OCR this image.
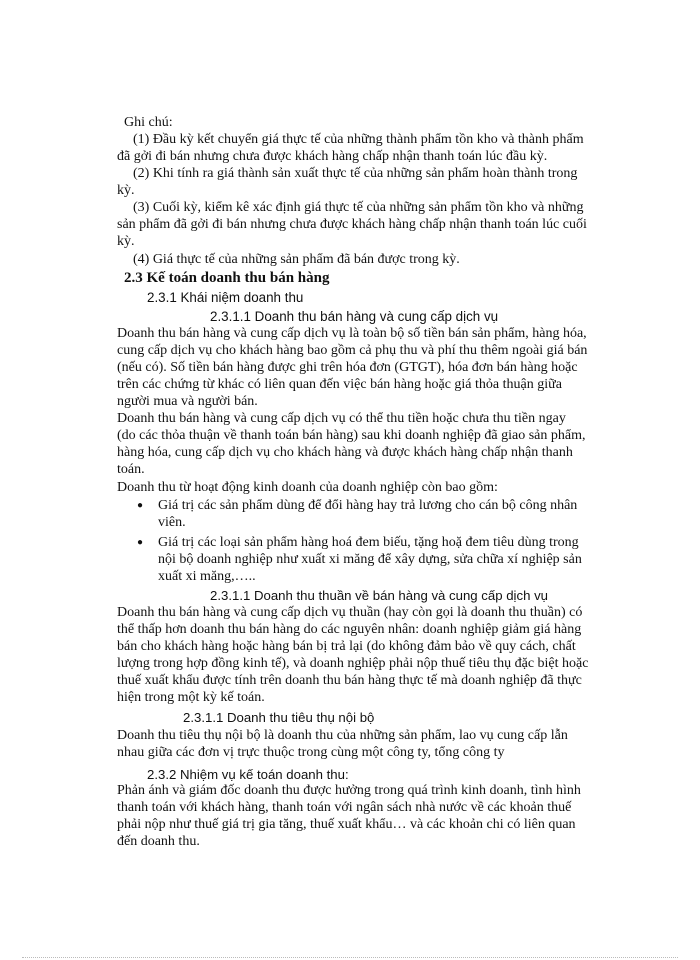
Ghi chú:
(1) Đầu kỳ kết chuyển giá thực tế của những thành phẩm tồn kho và thành phẩm
đã gởi đi bán nhưng chưa được khách hàng chấp nhận thanh toán lúc đầu kỳ.
(2) Khi tính ra giá thành sản xuất thực tế của những sản phẩm hoàn thành trong
kỳ.
(3) Cuối kỳ, kiểm kê xác định giá thực tế của những sản phẩm tồn kho và những
sản phẩm đã gởi đi bán nhưng chưa được khách hàng chấp nhận thanh toán lúc cuối
kỳ.
(4) Giá thực tế của những sản phẩm đã bán được trong kỳ.
2.3 Kế toán doanh thu bán hàng
2.3.1 Khái niệm doanh thu
2.3.1.1 Doanh thu bán hàng và cung cấp dịch vụ
Doanh thu bán hàng và cung cấp dịch vụ là toàn bộ số tiền bán sản phẩm, hàng hóa,
cung cấp dịch vụ cho khách hàng bao gồm cả phụ thu và phí thu thêm ngoài giá bán
(nếu có). Số tiền bán hàng được ghi trên hóa đơn (GTGT), hóa đơn bán hàng hoặc
trên các chứng từ khác có liên quan đến việc bán hàng hoặc giá thỏa thuận giữa
người mua và người bán.
Doanh thu bán hàng và cung cấp dịch vụ có thể thu tiền hoặc chưa thu tiền ngay
(do các thỏa thuận về thanh toán bán hàng) sau khi doanh nghiệp đã giao sản phẩm,
hàng hóa, cung cấp dịch vụ cho khách hàng và được khách hàng chấp nhận thanh
toán.
Doanh thu từ hoạt động kinh doanh của doanh nghiệp còn bao gồm:
● Giá trị các sản phẩm dùng để đổi hàng hay trả lương cho cán bộ công nhân
viên.
● Giá trị các loại sản phẩm hàng hoá đem biếu, tặng hoặ đem tiêu dùng trong
nội bộ doanh nghiệp như xuất xi măng để xây dựng, sửa chữa xí nghiệp sản
xuất xi măng,…..
2.3.1.1 Doanh thu thuần về bán hàng và cung cấp dịch vụ
Doanh thu bán hàng và cung cấp dịch vụ thuần (hay còn gọi là doanh thu thuần) có
thể thấp hơn doanh thu bán hàng do các nguyên nhân: doanh nghiệp giảm giá hàng
bán cho khách hàng hoặc hàng bán bị trả lại (do không đảm bảo về quy cách, chất
lượng trong hợp đồng kinh tế), và doanh nghiệp phải nộp thuế tiêu thụ đặc biệt hoặc
thuế xuất khẩu được tính trên doanh thu bán hàng thực tế mà doanh nghiệp đã thực
hiện trong một kỳ kế toán.
2.3.1.1 Doanh thu tiêu thụ nội bộ
Doanh thu tiêu thụ nội bộ là doanh thu của những sản phẩm, lao vụ cung cấp lẫn
nhau giữa các đơn vị trực thuộc trong cùng một công ty, tổng công ty
2.3.2 Nhiệm vụ kế toán doanh thu:
Phản ánh và giám đốc doanh thu được hưởng trong quá trình kinh doanh, tình hình
thanh toán với khách hàng, thanh toán với ngân sách nhà nước về các khoản thuế
phải nộp như thuế giá trị gia tăng, thuế xuất khẩu… và các khoản chi có liên quan
đến doanh thu.
